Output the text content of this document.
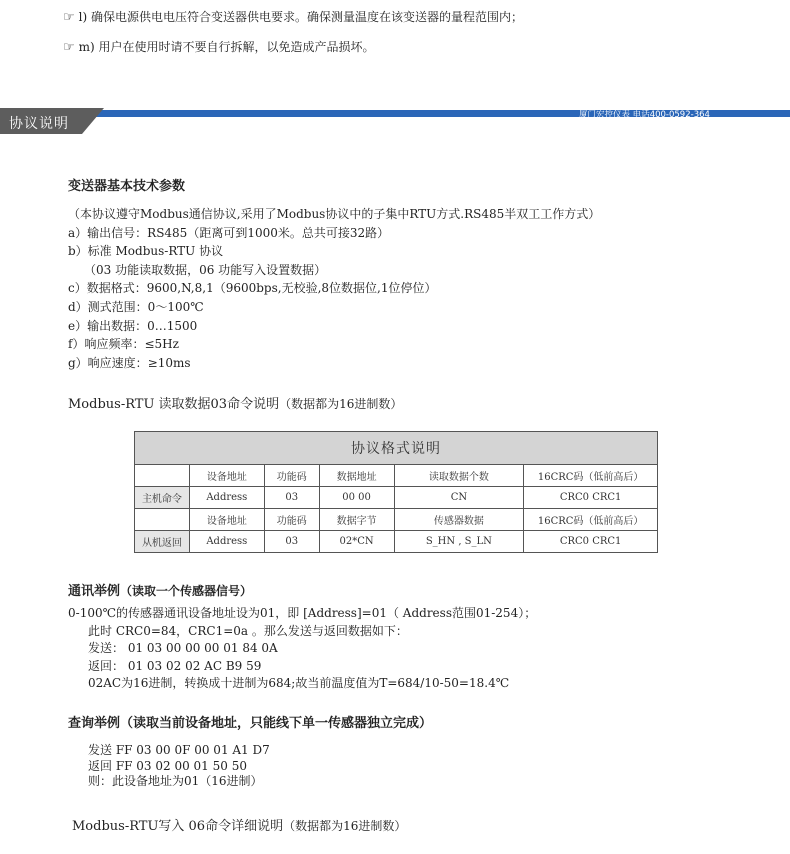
☞ l) 确保电源供电电压符合变送器供电要求。确保测量温度在该变送器的量程范围内；
☞ m) 用户在使用时请不要自行拆解，以免造成产品损坏。
协议说明
厦门宏控仪表 电话400-0592-364
变送器基本技术参数
（本协议遵守Modbus通信协议,采用了Modbus协议中的子集中RTU方式.RS485半双工工作方式）
a）输出信号：RS485（距离可到1000米。总共可接32路）
b）标准 Modbus-RTU 协议
（03 功能读取数据，06 功能写入设置数据）
c）数据格式：9600,N,8,1（9600bps,无校验,8位数据位,1位停位）
d）测式范围：0～100℃
e）输出数据：0…1500
f）响应频率：≤5Hz
g）响应速度：≥10ms
Modbus-RTU 读取数据03命令说明（数据都为16进制数）
协议格式说明					
	设备地址	功能码	数据地址	读取数据个数	16CRC码（低前高后）
主机命令	Address	03	00 00	CN	CRC0 CRC1
	设备地址	功能码	数据字节	传感器数据	16CRC码（低前高后）
从机返回	Address	03	02*CN	S_HN , S_LN	CRC0 CRC1
通讯举例（读取一个传感器信号）
0-100℃的传感器通讯设备地址设为01，即 [Address]=01（ Address范围01-254）；
此时 CRC0=84，CRC1=0a 。那么发送与返回数据如下：
发送： 01 03 00 00 00 01 84 0A
返回： 01 03 02 02 AC B9 59
02AC为16进制，转换成十进制为684;故当前温度值为T=684/10-50=18.4℃
查询举例（读取当前设备地址，只能线下单一传感器独立完成）
发送 FF 03 00 0F 00 01 A1 D7
返回 FF 03 02 00 01 50 50
则：此设备地址为01（16进制）
Modbus-RTU写入 06命令详细说明（数据都为16进制数）
